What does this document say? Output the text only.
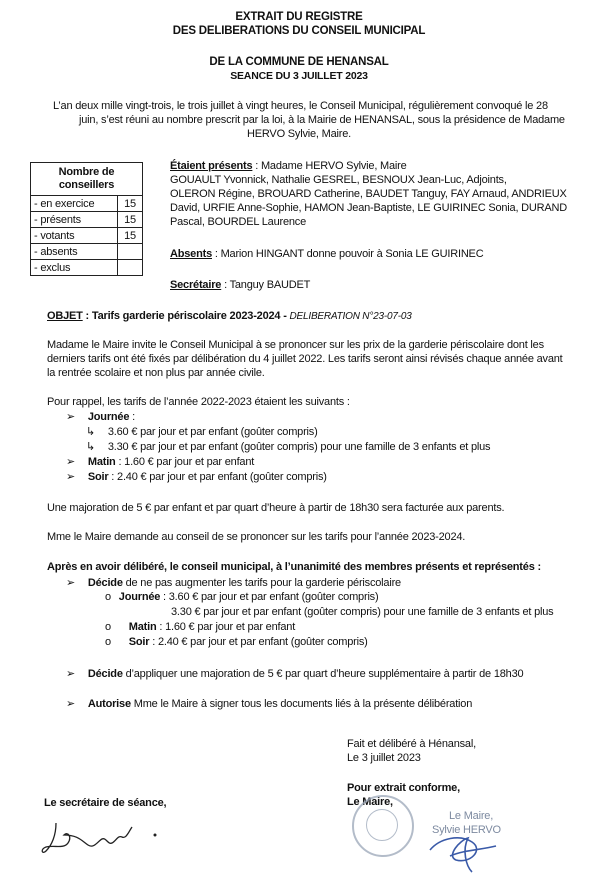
EXTRAIT DU REGISTRE
DES DELIBERATIONS DU CONSEIL MUNICIPAL
DE LA COMMUNE DE HENANSAL
SEANCE DU 3 JUILLET 2023
L’an deux mille vingt-trois, le trois juillet à vingt heures, le Conseil Municipal, régulièrement convoqué le 28
juin, s’est réuni au nombre prescrit par la loi, à la Mairie de HENANSAL, sous la présidence de Madame
HERVO Sylvie, Maire.
Nombre de
conseillers	
- en exercice	15
- présents	15
- votants	15
- absents	
- exclus	
Étaient présents : Madame HERVO Sylvie, Maire
GOUAULT Yvonnick, Nathalie GESREL, BESNOUX Jean-Luc, Adjoints,
OLERON Régine, BROUARD Catherine, BAUDET Tanguy, FAY Arnaud, ANDRIEUX
David, URFIE Anne-Sophie, HAMON Jean-Baptiste, LE GUIRINEC Sonia, DURAND
Pascal, BOURDEL Laurence
Absents : Marion HINGANT donne pouvoir à Sonia LE GUIRINEC
Secrétaire : Tanguy BAUDET
OBJET : Tarifs garderie périscolaire 2023-2024 - DELIBERATION N°23-07-03
Madame le Maire invite le Conseil Municipal à se prononcer sur les prix de la garderie périscolaire dont les
derniers tarifs ont été fixés par délibération du 4 juillet 2022. Les tarifs seront ainsi révisés chaque année avant
la rentrée scolaire et non plus par année civile.
Pour rappel, les tarifs de l’année 2022-2023 étaient les suivants :
➢ Journée :
↳ 3.60 € par jour et par enfant (goûter compris)
↳ 3.30 € par jour et par enfant (goûter compris) pour une famille de 3 enfants et plus
➢ Matin : 1.60 € par jour et par enfant
➢ Soir : 2.40 € par jour et par enfant (goûter compris)
Une majoration de 5 € par enfant et par quart d’heure à partir de 18h30 sera facturée aux parents.
Mme le Maire demande au conseil de se prononcer sur les tarifs pour l’année 2023-2024.
Après en avoir délibéré, le conseil municipal, à l’unanimité des membres présents et représentés :
➢ Décide de ne pas augmenter les tarifs pour la garderie périscolaire
o Journée : 3.60 € par jour et par enfant (goûter compris)
3.30 € par jour et par enfant (goûter compris) pour une famille de 3 enfants et plus
o Matin : 1.60 € par jour et par enfant
o Soir : 2.40 € par jour et par enfant (goûter compris)
➢ Décide d’appliquer une majoration de 5 € par quart d’heure supplémentaire à partir de 18h30
➢ Autorise Mme le Maire à signer tous les documents liés à la présente délibération
Fait et délibéré à Hénansal,
Le 3 juillet 2023
Pour extrait conforme,
Le Maire,
Le secrétaire de séance,
Le Maire,
Sylvie HERVO
